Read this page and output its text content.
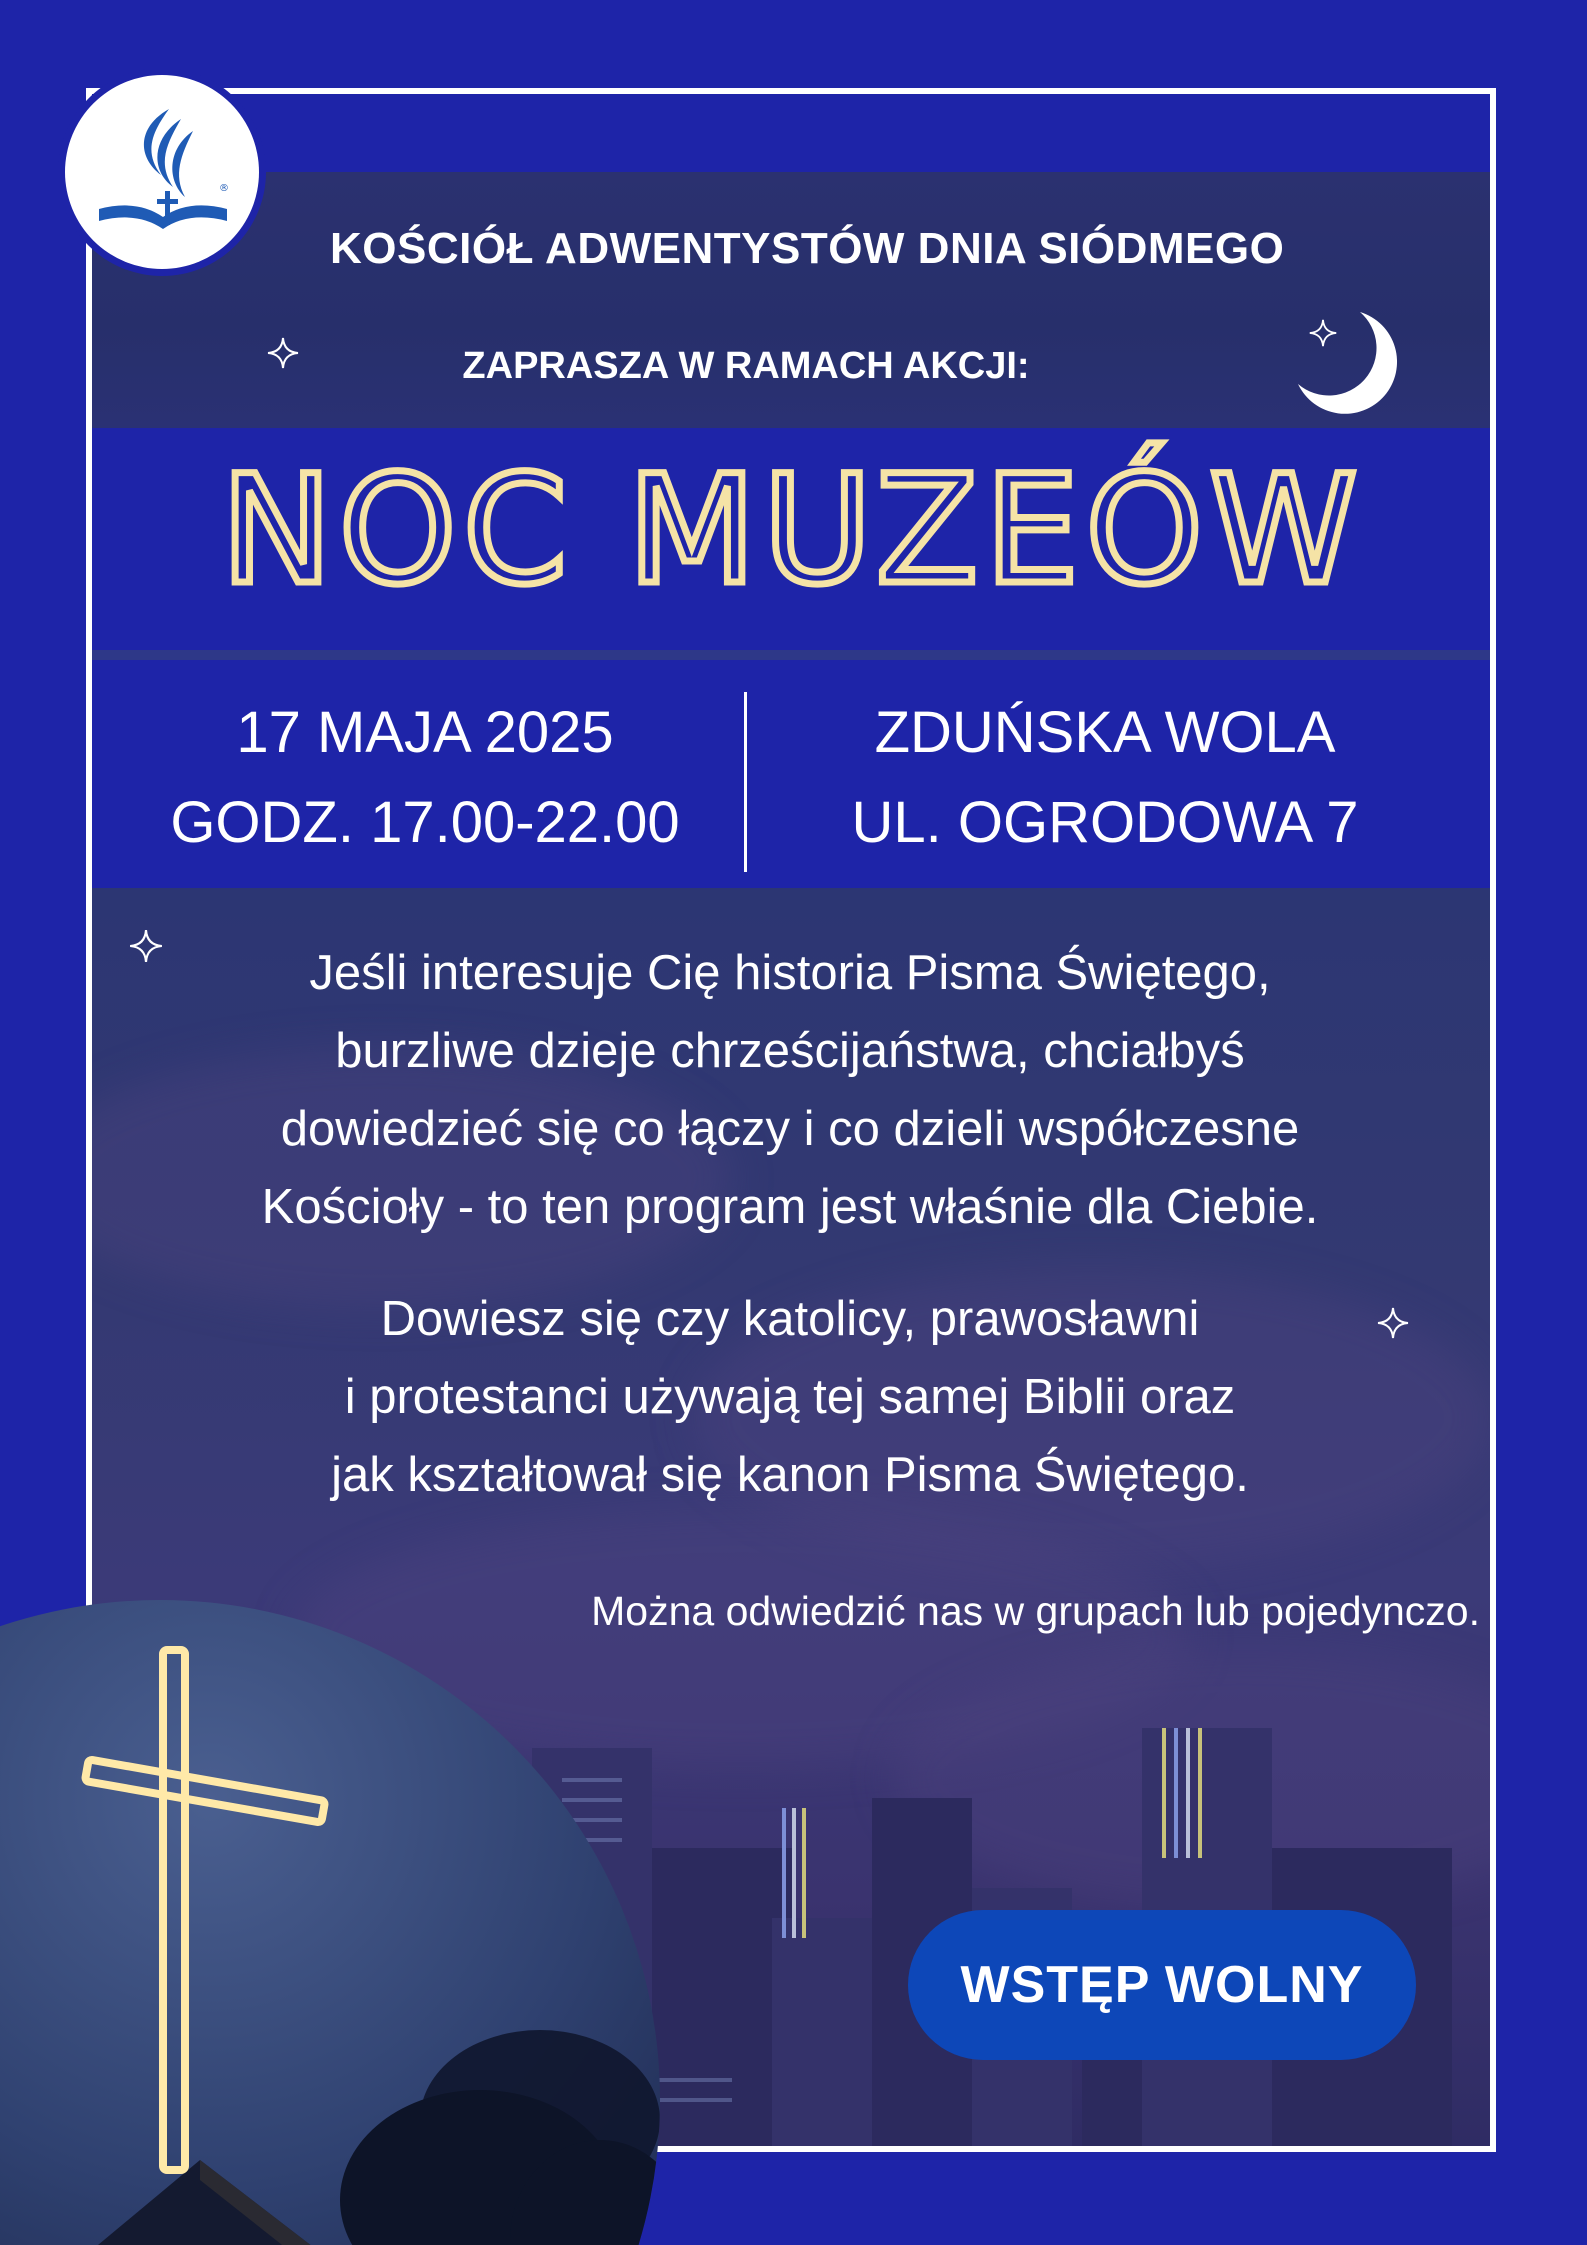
®
KOŚCIÓŁ ADWENTYSTÓW DNIA SIÓDMEGO
ZAPRASZA W RAMACH AKCJI:
NOC MUZEÓW
17 MAJA 2025
GODZ. 17.00-22.00
ZDUŃSKA WOLA
UL. OGRODOWA 7
Jeśli interesuje Cię historia Pisma Świętego,
burzliwe dzieje chrześcijaństwa, chciałbyś
dowiedzieć się co łączy i co dzieli współczesne
Kościoły - to ten program jest właśnie dla Ciebie.
Dowiesz się czy katolicy, prawosławni
i protestanci używają tej samej Biblii oraz
jak kształtował się kanon Pisma Świętego.
Można odwiedzić nas w grupach lub pojedynczo.
WSTĘP WOLNY
